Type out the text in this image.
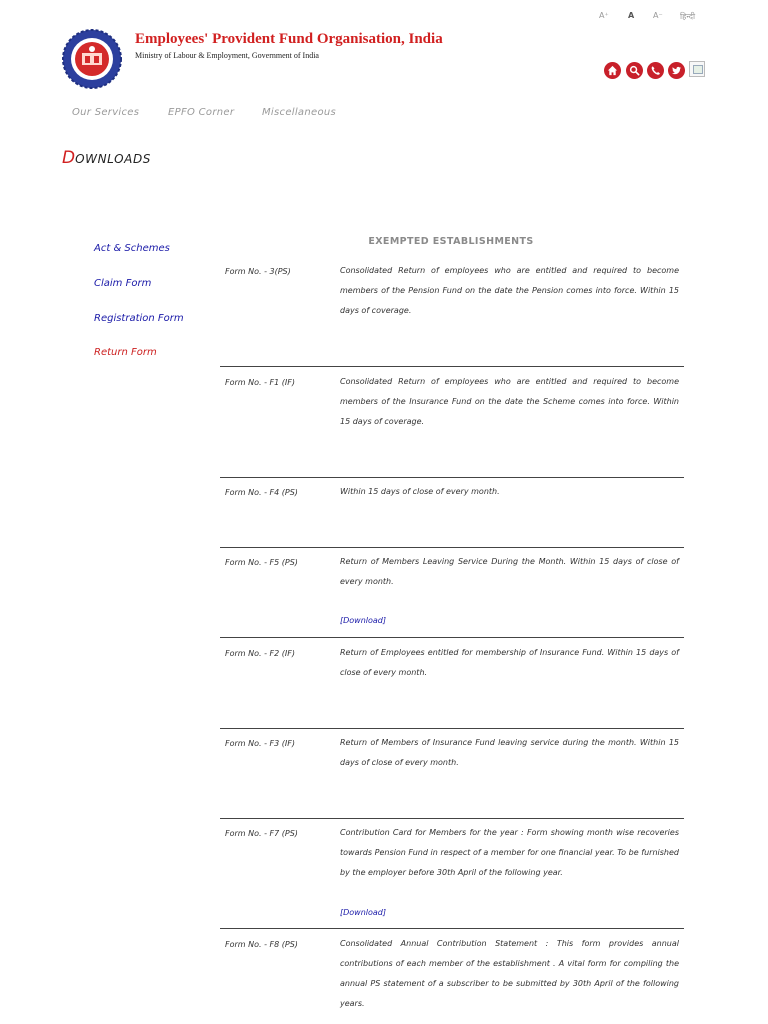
Employees' Provident Fund Organisation, India
Ministry of Labour & Employment, Government of India
A⁺ A A⁻ हिन्दी
Our Services	EPFO Corner	Miscellaneous
DOWNLOADS
Act & Schemes
Claim Form
Registration Form
Return Form
EXEMPTED ESTABLISHMENTS
Form No. - 3(PS)	Consolidated Return of employees who are entitled and required to become members of the Pension Fund on the date the Pension comes into force. Within 15 days of coverage.
Form No. - F1 (IF)	Consolidated Return of employees who are entitled and required to become members of the Insurance Fund on the date the Scheme comes into force. Within 15 days of coverage.
Form No. - F4 (PS)	Within 15 days of close of every month.
Form No. - F5 (PS)	Return of Members Leaving Service During the Month. Within 15 days of close of every month.
[Download]
Form No. - F2 (IF)	Return of Employees entitled for membership of Insurance Fund. Within 15 days of close of every month.
Form No. - F3 (IF)	Return of Members of Insurance Fund leaving service during the month. Within 15 days of close of every month.
Form No. - F7 (PS)	Contribution Card for Members for the year : Form showing month wise recoveries towards Pension Fund in respect of a member for one financial year. To be furnished by the employer before 30th April of the following year.
[Download]
Form No. - F8 (PS)	Consolidated Annual Contribution Statement : This form provides annual contributions of each member of the establishment . A vital form for compiling the annual PS statement of a subscriber to be submitted by 30th April of the following years.
